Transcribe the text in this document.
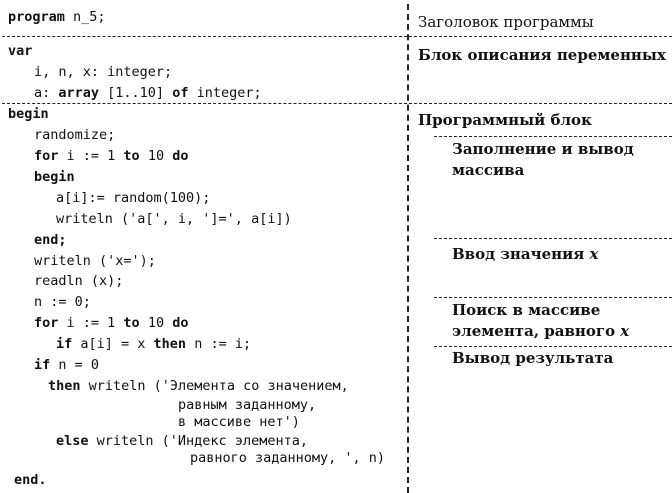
program n_5;
var
i, n, x: integer;
a: array [1..10] of integer;
begin
randomize;
for i := 1 to 10 do
begin
a[i]:= random(100);
writeln ('a[', i, ']=', a[i])
end;
writeln ('x=');
readln (x);
n := 0;
for i := 1 to 10 do
if a[i] = x then n := i;
if n = 0
then writeln ('Элемента со значением,
равным заданному,
в массиве нет')
else writeln ('Индекс элемента,
равного заданному, ', n)
end.
Заголовок программы
Блок описания переменных
Программный блок
Заполнение и вывод
массива
Ввод значения x
Поиск в массиве
элемента, равного x
Вывод результата
